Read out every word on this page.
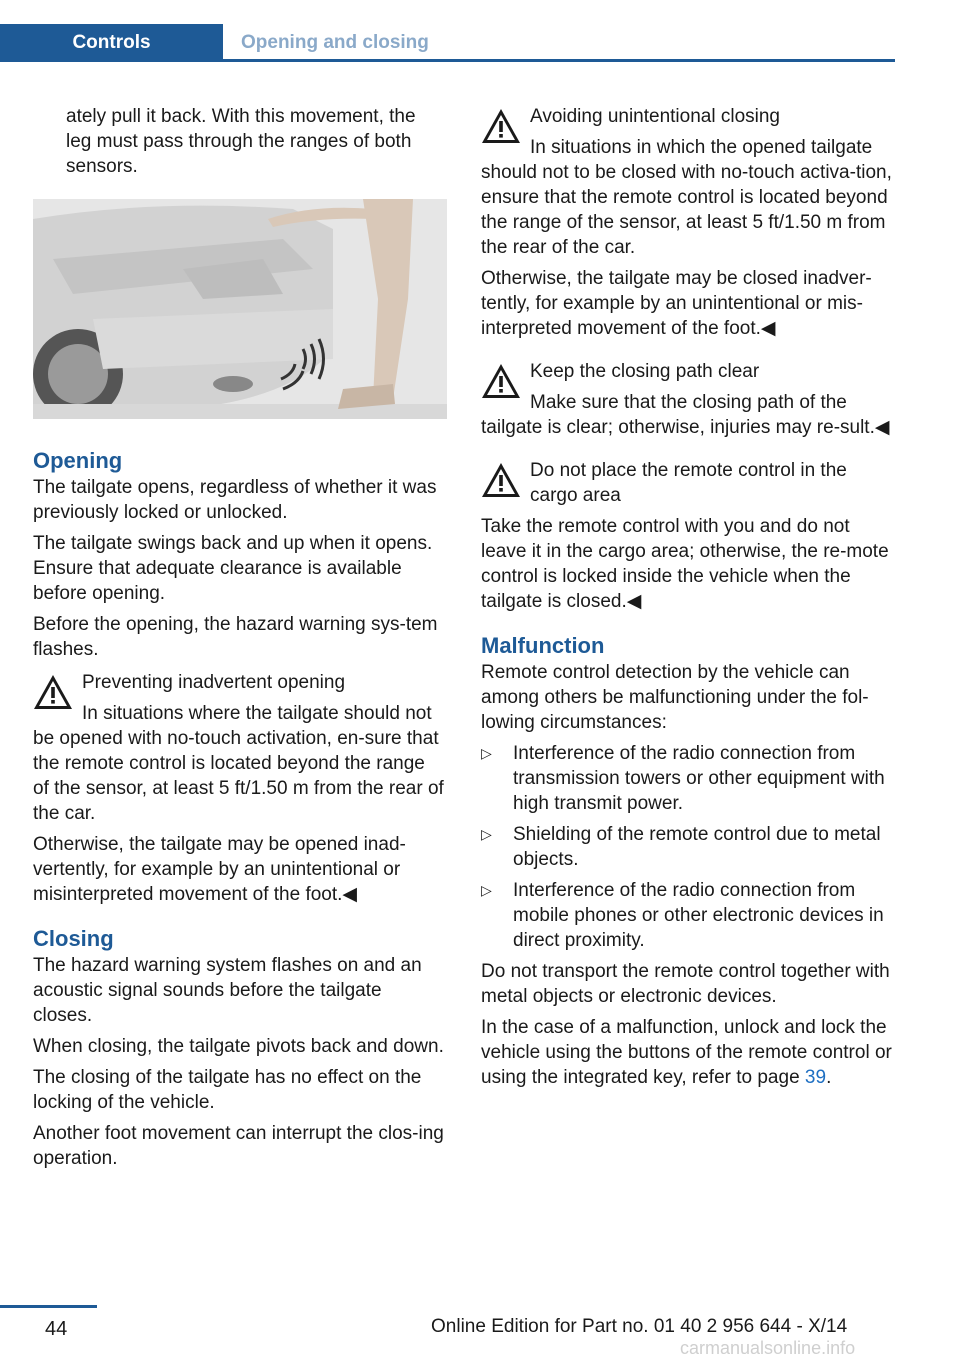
Controls	Opening and closing

ately pull it back. With this movement, the leg must pass through the ranges of both sensors.

Opening

The tailgate opens, regardless of whether it was previously locked or unlocked.

The tailgate swings back and up when it opens. Ensure that adequate clearance is available before opening.

Before the opening, the hazard warning sys‐tem flashes.

Preventing inadvertent opening

In situations where the tailgate should not be opened with no-touch activation, en‐sure that the remote control is located beyond the range of the sensor, at least 5 ft/1.50 m from the rear of the car.

Otherwise, the tailgate may be opened inad‐vertently, for example by an unintentional or misinterpreted movement of the foot.◀

Closing

The hazard warning system flashes on and an acoustic signal sounds before the tailgate closes.

When closing, the tailgate pivots back and down.

The closing of the tailgate has no effect on the locking of the vehicle.

Another foot movement can interrupt the clos‐ing operation.

Avoiding unintentional closing

In situations in which the opened tailgate should not to be closed with no-touch activa‐tion, ensure that the remote control is located beyond the range of the sensor, at least 5 ft/1.50 m from the rear of the car.

Otherwise, the tailgate may be closed inadver‐tently, for example by an unintentional or mis‐interpreted movement of the foot.◀

Keep the closing path clear

Make sure that the closing path of the tailgate is clear; otherwise, injuries may re‐sult.◀

Do not place the remote control in the cargo area

Take the remote control with you and do not leave it in the cargo area; otherwise, the re‐mote control is locked inside the vehicle when the tailgate is closed.◀

Malfunction

Remote control detection by the vehicle can among others be malfunctioning under the fol‐lowing circumstances:

▷ Interference of the radio connection from transmission towers or other equipment with high transmit power.
▷ Shielding of the remote control due to metal objects.
▷ Interference of the radio connection from mobile phones or other electronic devices in direct proximity.

Do not transport the remote control together with metal objects or electronic devices.

In the case of a malfunction, unlock and lock the vehicle using the buttons of the remote control or using the integrated key, refer to page 39.

44	Online Edition for Part no. 01 40 2 956 644 - X/14
carmanualsonline.info
